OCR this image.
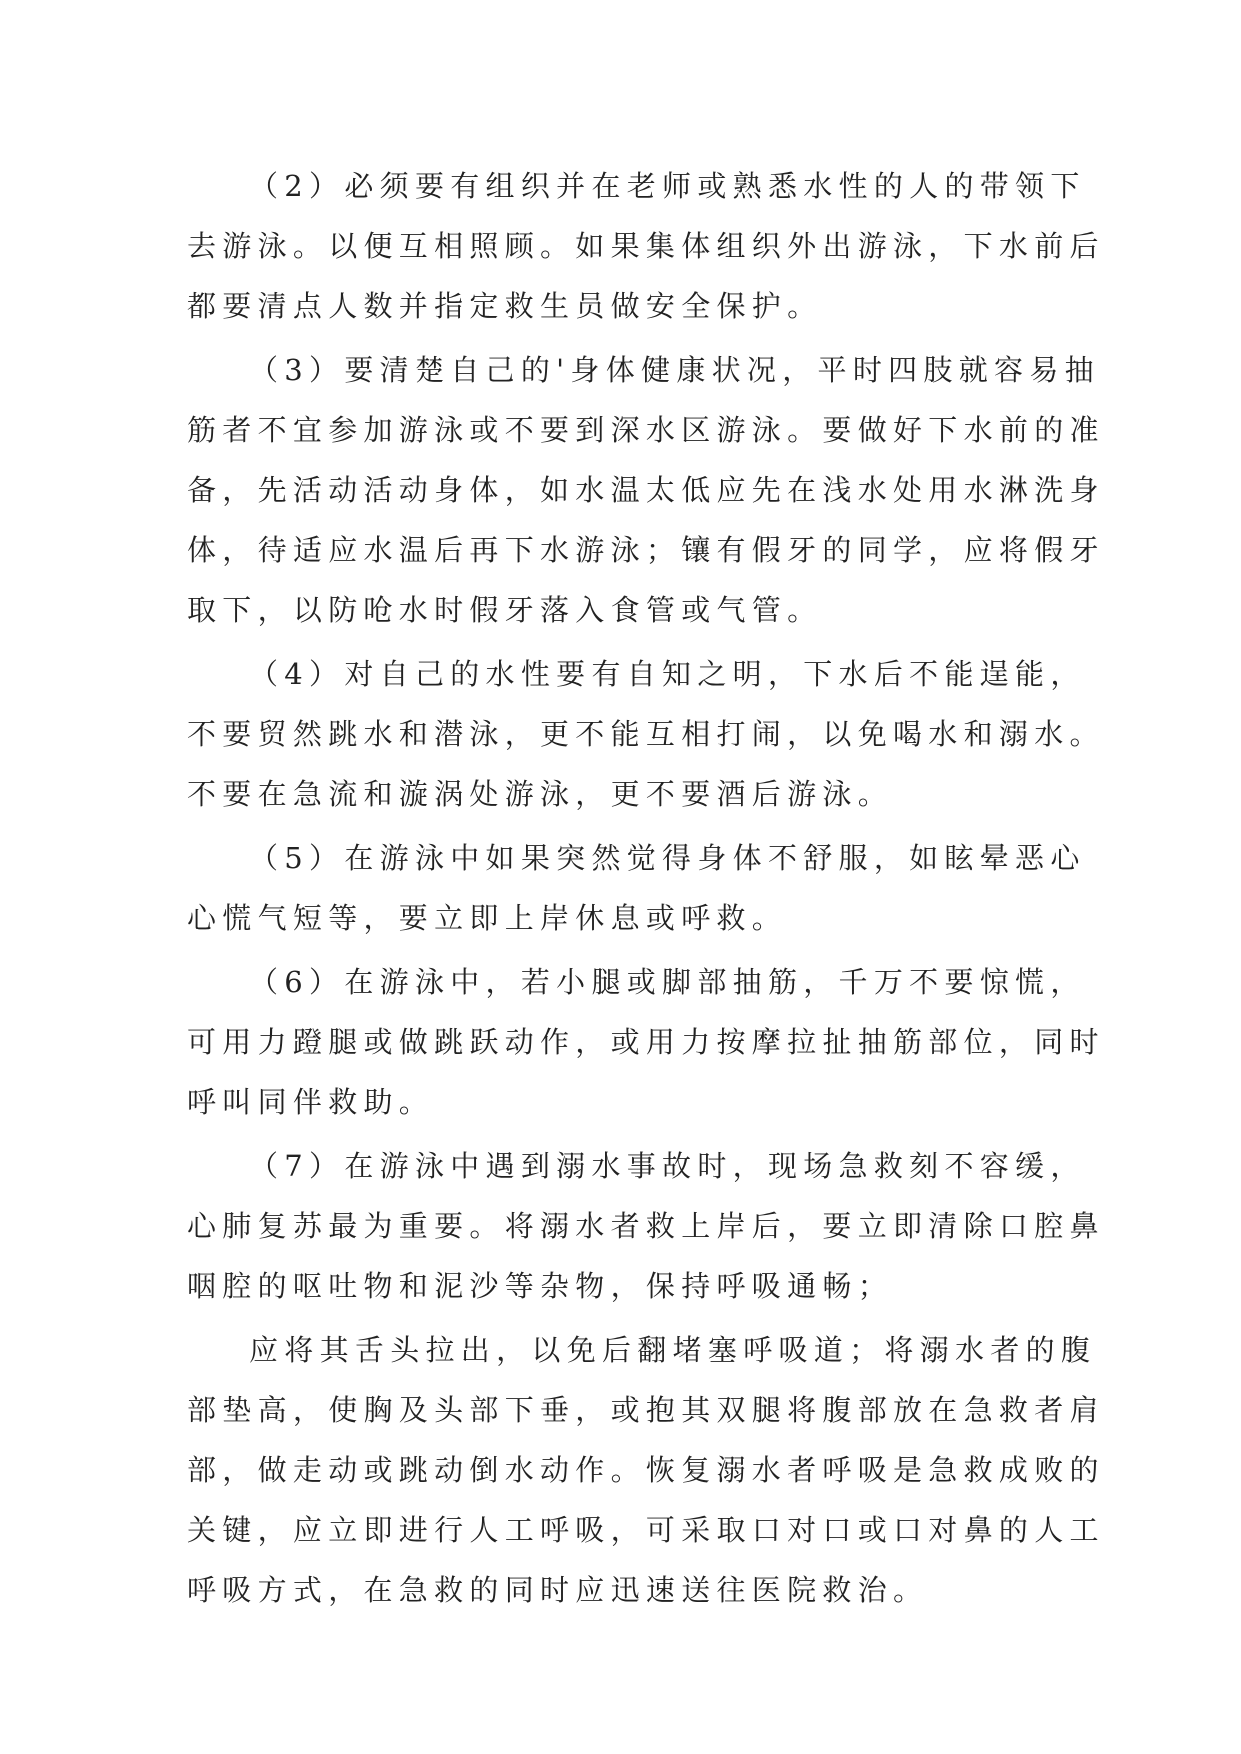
（2）必须要有组织并在老师或熟悉水性的人的带领下
去游泳。以便互相照顾。如果集体组织外出游泳，下水前后
都要清点人数并指定救生员做安全保护。
（3）要清楚自己的'身体健康状况，平时四肢就容易抽
筋者不宜参加游泳或不要到深水区游泳。要做好下水前的准
备，先活动活动身体，如水温太低应先在浅水处用水淋洗身
体，待适应水温后再下水游泳；镶有假牙的同学，应将假牙
取下，以防呛水时假牙落入食管或气管。
（4）对自己的水性要有自知之明，下水后不能逞能，
不要贸然跳水和潜泳，更不能互相打闹，以免喝水和溺水。
不要在急流和漩涡处游泳，更不要酒后游泳。
（5）在游泳中如果突然觉得身体不舒服，如眩晕恶心
心慌气短等，要立即上岸休息或呼救。
（6）在游泳中，若小腿或脚部抽筋，千万不要惊慌，
可用力蹬腿或做跳跃动作，或用力按摩拉扯抽筋部位，同时
呼叫同伴救助。
（7）在游泳中遇到溺水事故时，现场急救刻不容缓，
心肺复苏最为重要。将溺水者救上岸后，要立即清除口腔鼻
咽腔的呕吐物和泥沙等杂物，保持呼吸通畅；
应将其舌头拉出，以免后翻堵塞呼吸道；将溺水者的腹
部垫高，使胸及头部下垂，或抱其双腿将腹部放在急救者肩
部，做走动或跳动倒水动作。恢复溺水者呼吸是急救成败的
关键，应立即进行人工呼吸，可采取口对口或口对鼻的人工
呼吸方式，在急救的同时应迅速送往医院救治。
